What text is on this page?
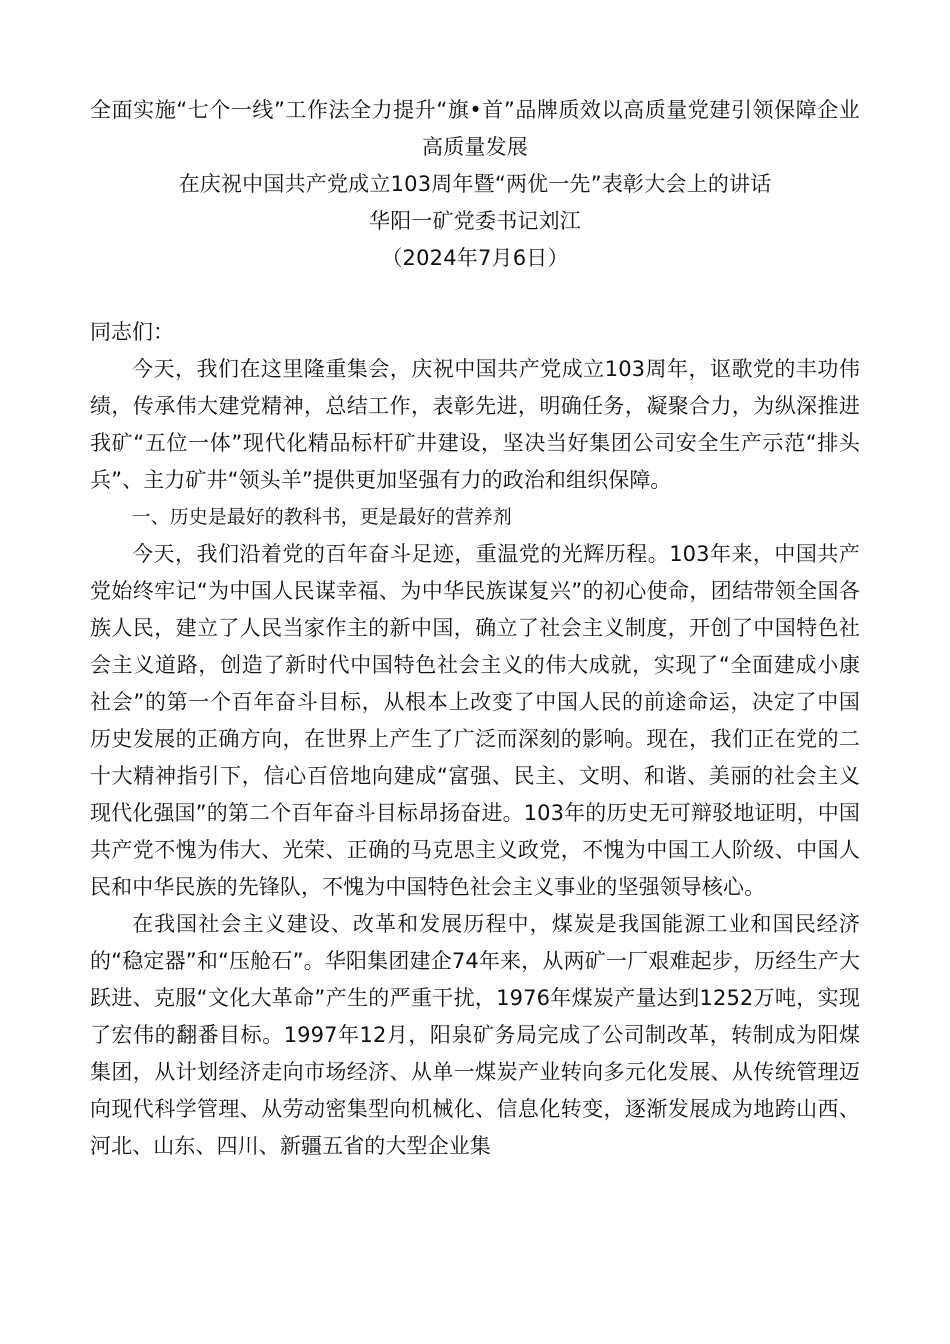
全面实施“七个一线”工作法全力提升“旗•首”品牌质效以高质量党建引领保障企业高质量发展

在庆祝中国共产党成立103周年暨“两优一先”表彰大会上的讲话

华阳一矿党委书记刘江

（2024年7月6日）

同志们：

今天，我们在这里隆重集会，庆祝中国共产党成立103周年，讴歌党的丰功伟绩，传承伟大建党精神，总结工作，表彰先进，明确任务，凝聚合力，为纵深推进我矿“五位一体”现代化精品标杆矿井建设，坚决当好集团公司安全生产示范“排头兵”、主力矿井“领头羊”提供更加坚强有力的政治和组织保障。

一、历史是最好的教科书，更是最好的营养剂

今天，我们沿着党的百年奋斗足迹，重温党的光辉历程。103年来，中国共产党始终牢记“为中国人民谋幸福、为中华民族谋复兴”的初心使命，团结带领全国各族人民，建立了人民当家作主的新中国，确立了社会主义制度，开创了中国特色社会主义道路，创造了新时代中国特色社会主义的伟大成就，实现了“全面建成小康社会”的第一个百年奋斗目标，从根本上改变了中国人民的前途命运，决定了中国历史发展的正确方向，在世界上产生了广泛而深刻的影响。现在，我们正在党的二十大精神指引下，信心百倍地向建成“富强、民主、文明、和谐、美丽的社会主义现代化强国”的第二个百年奋斗目标昂扬奋进。103年的历史无可辩驳地证明，中国共产党不愧为伟大、光荣、正确的马克思主义政党，不愧为中国工人阶级、中国人民和中华民族的先锋队，不愧为中国特色社会主义事业的坚强领导核心。

在我国社会主义建设、改革和发展历程中，煤炭是我国能源工业和国民经济的“稳定器”和“压舱石”。华阳集团建企74年来，从两矿一厂艰难起步，历经生产大跃进、克服“文化大革命”产生的严重干扰，1976年煤炭产量达到1252万吨，实现了宏伟的翻番目标。1997年12月，阳泉矿务局完成了公司制改革，转制成为阳煤集团，从计划经济走向市场经济、从单一煤炭产业转向多元化发展、从传统管理迈向现代科学管理、从劳动密集型向机械化、信息化转变，逐渐发展成为地跨山西、河北、山东、四川、新疆五省的大型企业集
